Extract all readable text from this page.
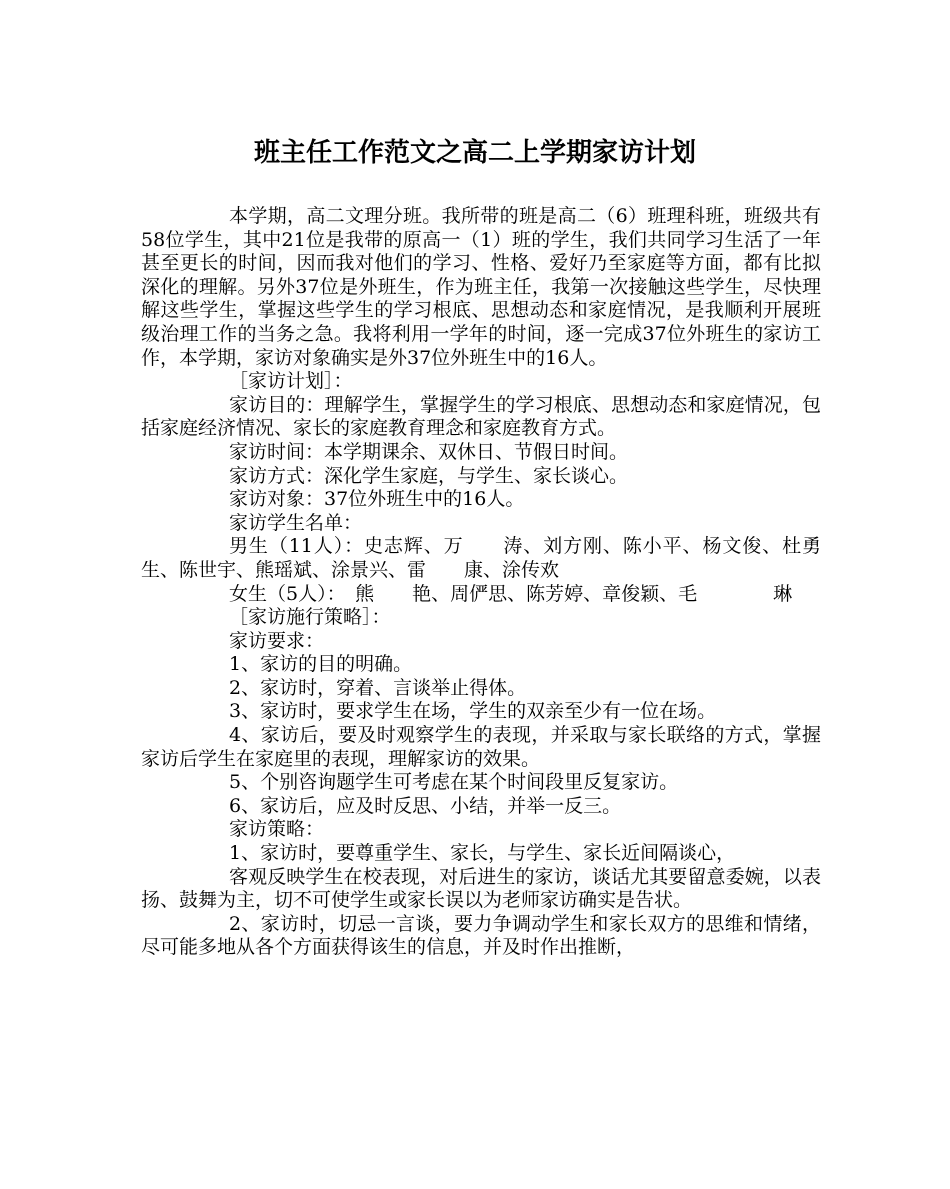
班主任工作范文之高二上学期家访计划

本学期，高二文理分班。我所带的班是高二（6）班理科班，班级共有58位学生，其中21位是我带的原高一（1）班的学生，我们共同学习生活了一年甚至更长的时间，因而我对他们的学习、性格、爱好乃至家庭等方面，都有比拟深化的理解。另外37位是外班生，作为班主任，我第一次接触这些学生，尽快理解这些学生，掌握这些学生的学习根底、思想动态和家庭情况，是我顺利开展班级治理工作的当务之急。我将利用一学年的时间，逐一完成37位外班生的家访工作，本学期，家访对象确实是外37位外班生中的16人。

［家访计划］：

家访目的：理解学生，掌握学生的学习根底、思想动态和家庭情况，包括家庭经济情况、家长的家庭教育理念和家庭教育方式。

家访时间：本学期课余、双休日、节假日时间。

家访方式：深化学生家庭，与学生、家长谈心。

家访对象：37位外班生中的16人。

家访学生名单：

男生（11人）：史志辉、万　　涛、刘方刚、陈小平、杨文俊、杜勇生、陈世宇、熊瑶斌、涂景兴、雷　　康、涂传欢

女生（5人）：　熊　　艳、周俨思、陈芳婷、章俊颖、毛　　　　琳

［家访施行策略］：

家访要求：

1、家访的目的明确。

2、家访时，穿着、言谈举止得体。

3、家访时，要求学生在场，学生的双亲至少有一位在场。

4、家访后，要及时观察学生的表现，并采取与家长联络的方式，掌握家访后学生在家庭里的表现，理解家访的效果。

5、个别咨询题学生可考虑在某个时间段里反复家访。

6、家访后，应及时反思、小结，并举一反三。

家访策略：

1、家访时，要尊重学生、家长，与学生、家长近间隔谈心，

客观反映学生在校表现，对后进生的家访，谈话尤其要留意委婉，以表扬、鼓舞为主，切不可使学生或家长误以为老师家访确实是告状。

2、家访时，切忌一言谈，要力争调动学生和家长双方的思维和情绪，尽可能多地从各个方面获得该生的信息，并及时作出推断，
